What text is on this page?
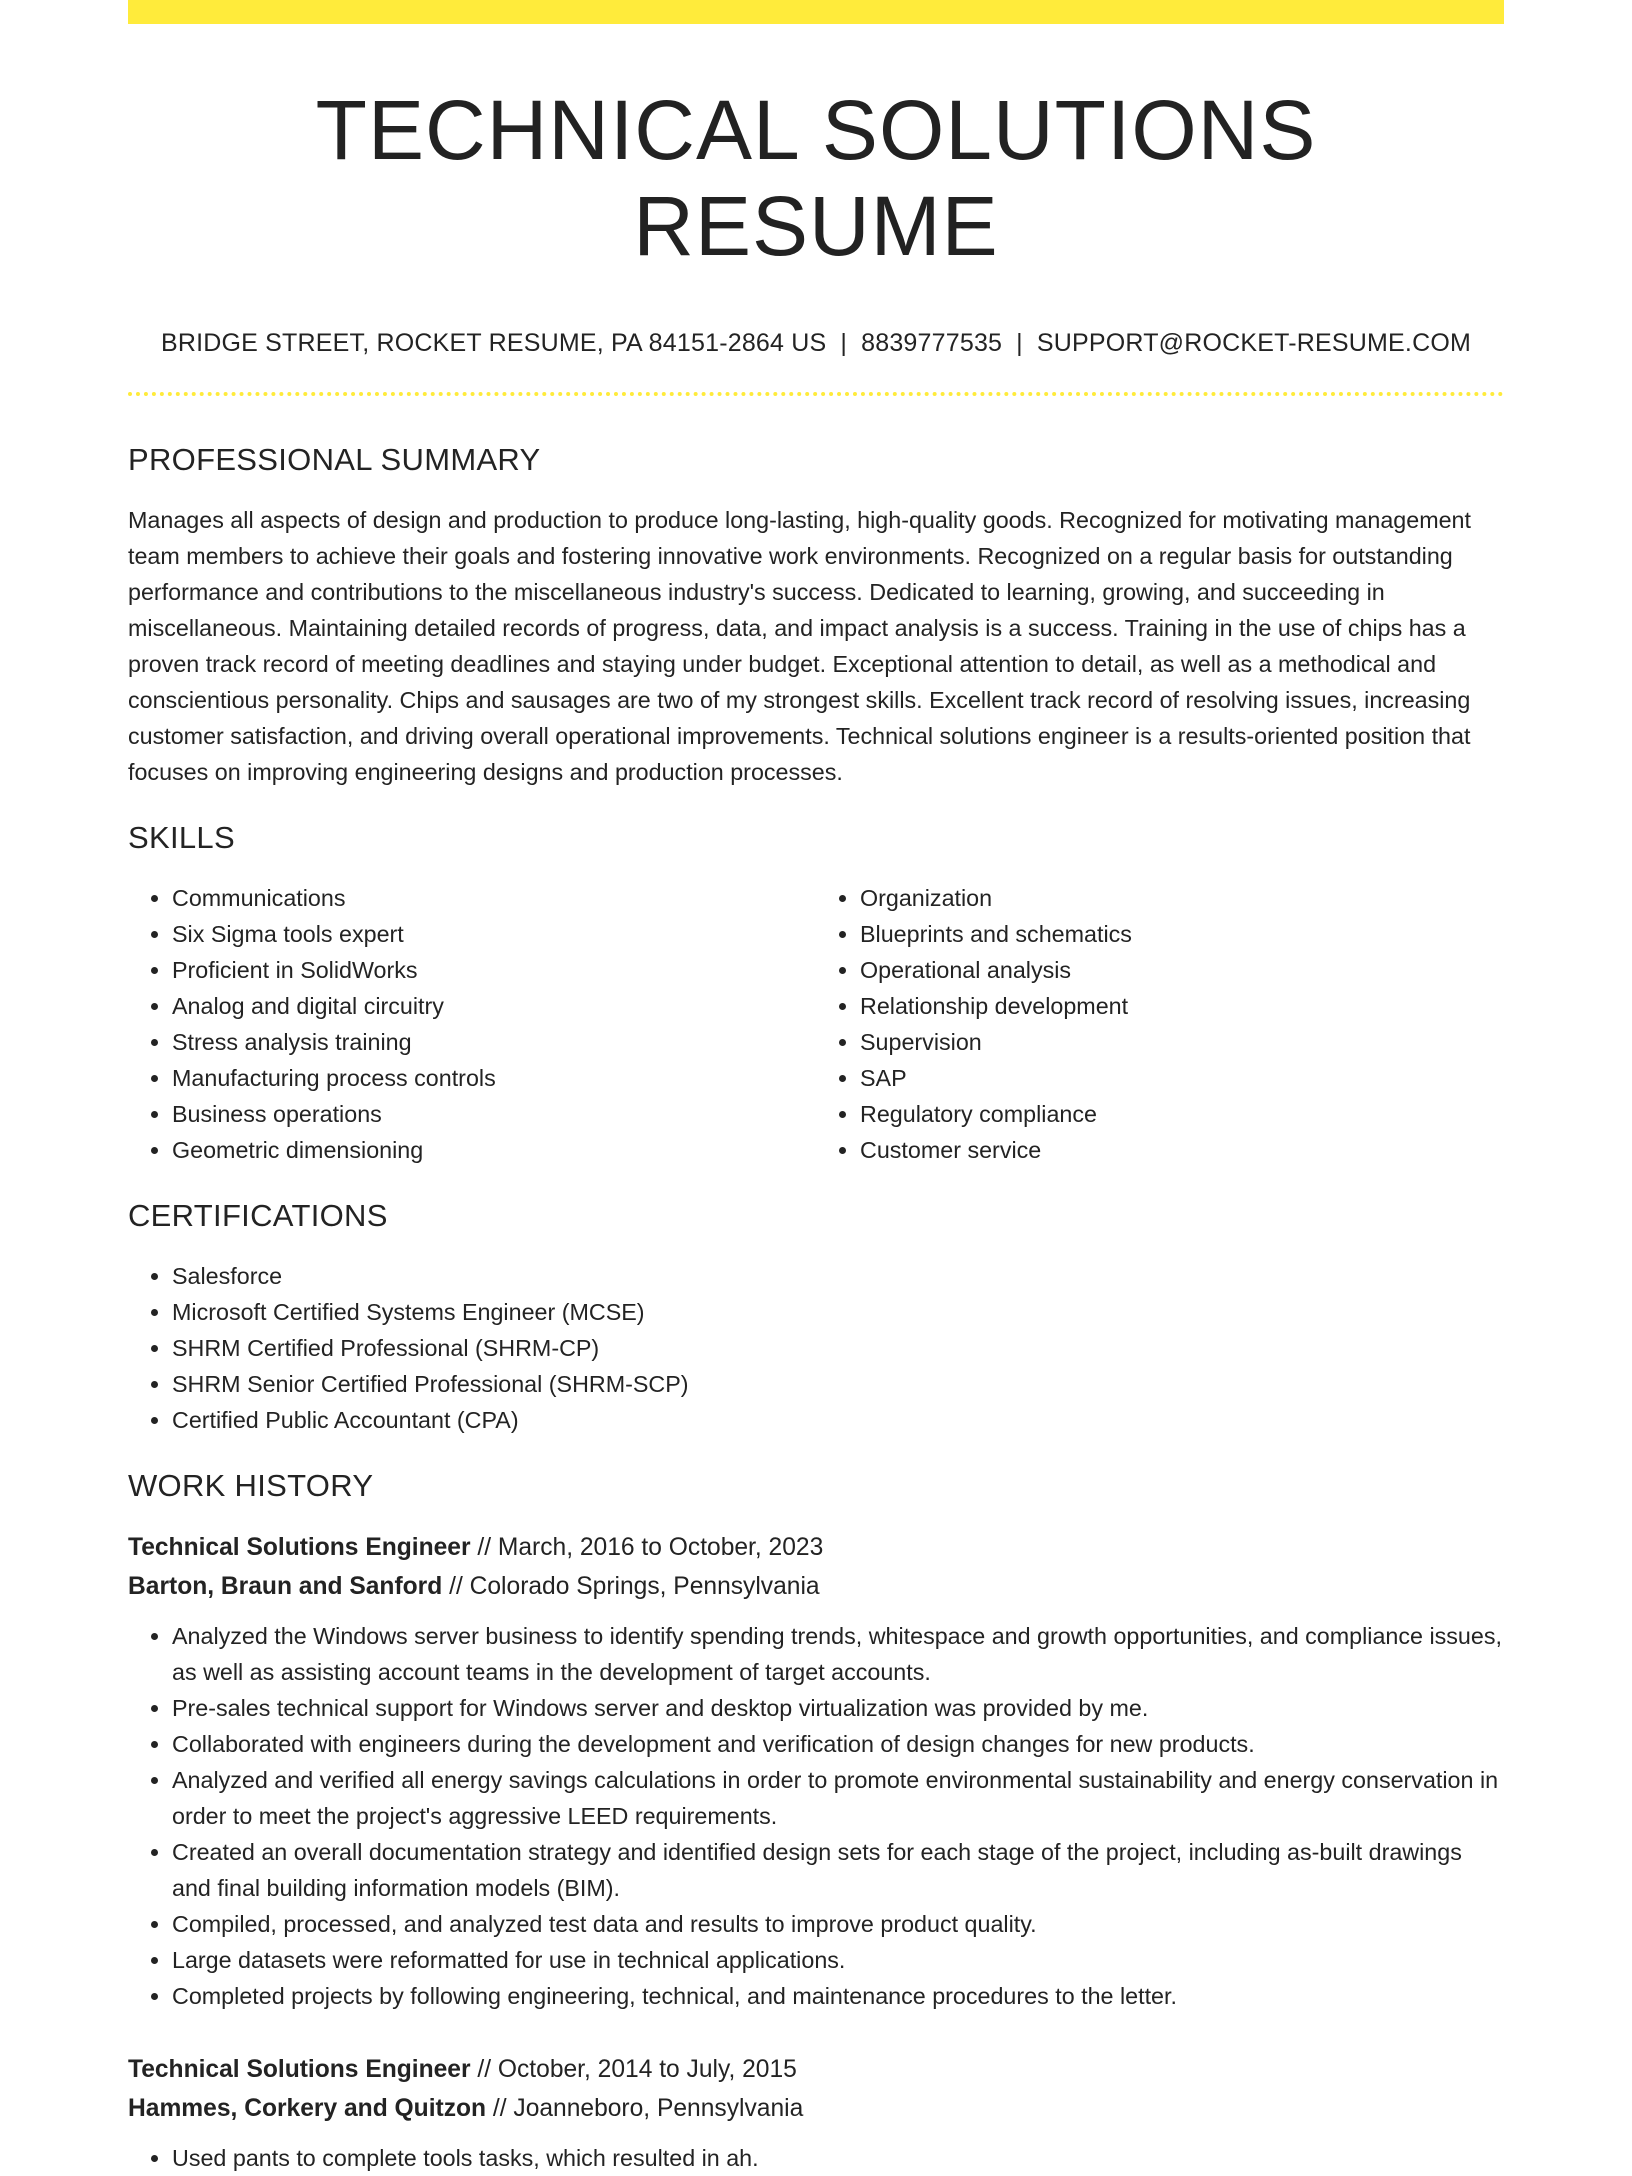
TECHNICAL SOLUTIONS RESUME
BRIDGE STREET, ROCKET RESUME, PA 84151-2864 US | 8839777535 | SUPPORT@ROCKET-RESUME.COM
PROFESSIONAL SUMMARY

Manages all aspects of design and production to produce long-lasting, high-quality goods. Recognized for motivating management team members to achieve their goals and fostering innovative work environments. Recognized on a regular basis for outstanding performance and contributions to the miscellaneous industry's success. Dedicated to learning, growing, and succeeding in miscellaneous. Maintaining detailed records of progress, data, and impact analysis is a success. Training in the use of chips has a proven track record of meeting deadlines and staying under budget. Exceptional attention to detail, as well as a methodical and conscientious personality. Chips and sausages are two of my strongest skills. Excellent track record of resolving issues, increasing customer satisfaction, and driving overall operational improvements. Technical solutions engineer is a results-oriented position that focuses on improving engineering designs and production processes.

SKILLS
• Communications
• Six Sigma tools expert
• Proficient in SolidWorks
• Analog and digital circuitry
• Stress analysis training
• Manufacturing process controls
• Business operations
• Geometric dimensioning
• Organization
• Blueprints and schematics
• Operational analysis
• Relationship development
• Supervision
• SAP
• Regulatory compliance
• Customer service
CERTIFICATIONS
• Salesforce
• Microsoft Certified Systems Engineer (MCSE)
• SHRM Certified Professional (SHRM-CP)
• SHRM Senior Certified Professional (SHRM-SCP)
• Certified Public Accountant (CPA)
WORK HISTORY
Technical Solutions Engineer // March, 2016 to October, 2023
Barton, Braun and Sanford // Colorado Springs, Pennsylvania
• Analyzed the Windows server business to identify spending trends, whitespace and growth opportunities, and compliance issues, as well as assisting account teams in the development of target accounts.
• Pre-sales technical support for Windows server and desktop virtualization was provided by me.
• Collaborated with engineers during the development and verification of design changes for new products.
• Analyzed and verified all energy savings calculations in order to promote environmental sustainability and energy conservation in order to meet the project's aggressive LEED requirements.
• Created an overall documentation strategy and identified design sets for each stage of the project, including as-built drawings and final building information models (BIM).
• Compiled, processed, and analyzed test data and results to improve product quality.
• Large datasets were reformatted for use in technical applications.
• Completed projects by following engineering, technical, and maintenance procedures to the letter.
Technical Solutions Engineer // October, 2014 to July, 2015
Hammes, Corkery and Quitzon // Joanneboro, Pennsylvania
• Used pants to complete tools tasks, which resulted in ah.
